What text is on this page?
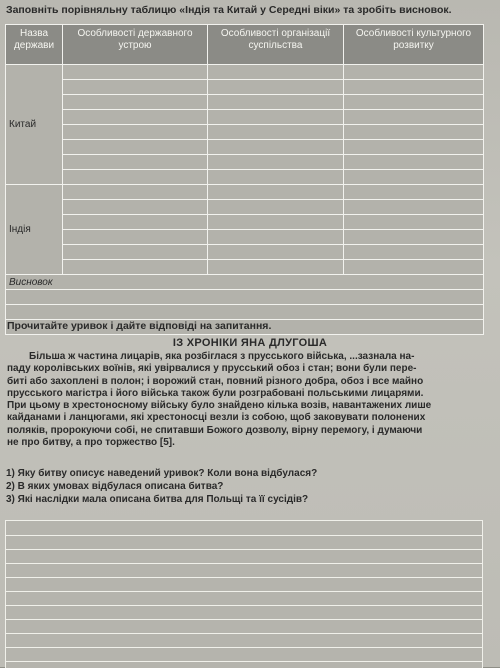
Заповніть порівняльну таблицю «Індія та Китай у Середні віки» та зробіть висновок.
Назва держави	Особливості державного устрою	Особливості організації суспільства	Особливості культурного розвитку
Китай			

Індія			

Висновок			

Прочитайте уривок і дайте відповіді на запитання.
ІЗ ХРОНІКИ ЯНА ДЛУГОША
Більша ж частина лицарів, яка розбіглася з прусського війська, ...зазнала на-
паду королівських воїнів, які увірвалися у прусський обоз і стан; вони були пере-
биті або захоплені в полон; і ворожий стан, повний різного добра, обоз і все майно
прусського магістра і його війська також були розграбовані польськими лицарями.
При цьому в хрестоносному війську було знайдено кілька возів, навантажених лише
кайданами і ланцюгами, які хрестоносці везли із собою, щоб заковувати полонених
поляків, пророкуючи собі, не спитавши Божого дозволу, вірну перемогу, і думаючи
не про битву, а про торжество [5].
1) Яку битву описує наведений уривок? Коли вона відбулася?
2) В яких умовах відбулася описана битва?
3) Які наслідки мала описана битва для Польщі та її сусідів?
